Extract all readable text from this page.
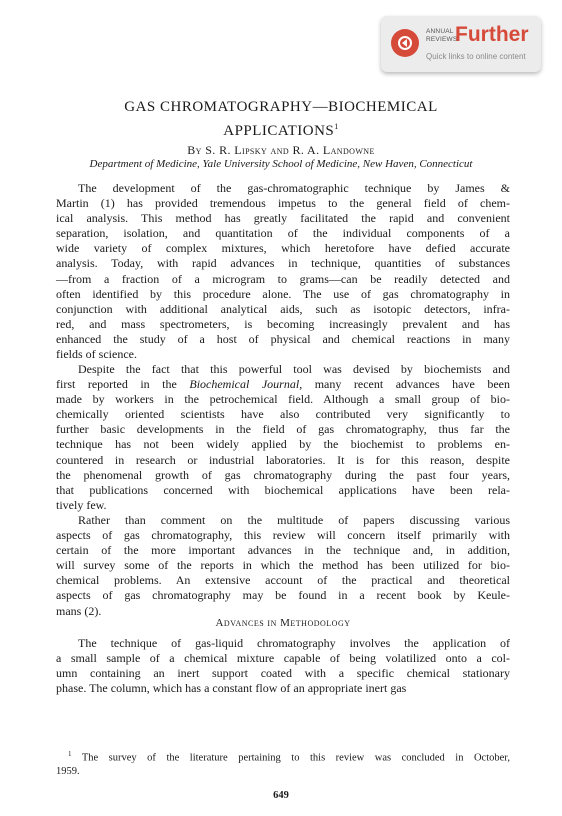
ANNUAL REVIEWS
Further
Quick links to online content
GAS CHROMATOGRAPHY—BIOCHEMICAL
APPLICATIONS$^1$
By S. R. Lipsky and R. A. Landowne
Department of Medicine, Yale University School of Medicine, New Haven, Connecticut
The development of the gas-chromatographic technique by James &
Martin (1) has provided tremendous impetus to the general field of chem-
ical analysis. This method has greatly facilitated the rapid and convenient
separation, isolation, and quantitation of the individual components of a
wide variety of complex mixtures, which heretofore have defied accurate
analysis. Today, with rapid advances in technique, quantities of substances
—from a fraction of a microgram to grams—can be readily detected and
often identified by this procedure alone. The use of gas chromatography in
conjunction with additional analytical aids, such as isotopic detectors, infra-
red, and mass spectrometers, is becoming increasingly prevalent and has
enhanced the study of a host of physical and chemical reactions in many
fields of science.
Despite the fact that this powerful tool was devised by biochemists and
first reported in the Biochemical Journal, many recent advances have been
made by workers in the petrochemical field. Although a small group of bio-
chemically oriented scientists have also contributed very significantly to
further basic developments in the field of gas chromatography, thus far the
technique has not been widely applied by the biochemist to problems en-
countered in research or industrial laboratories. It is for this reason, despite
the phenomenal growth of gas chromatography during the past four years,
that publications concerned with biochemical applications have been rela-
tively few.
Rather than comment on the multitude of papers discussing various
aspects of gas chromatography, this review will concern itself primarily with
certain of the more important advances in the technique and, in addition,
will survey some of the reports in which the method has been utilized for bio-
chemical problems. An extensive account of the practical and theoretical
aspects of gas chromatography may be found in a recent book by Keule-
mans (2).
Advances in Methodology
The technique of gas-liquid chromatography involves the application of
a small sample of a chemical mixture capable of being volatilized onto a col-
umn containing an inert support coated with a specific chemical stationary
phase. The column, which has a constant flow of an appropriate inert gas
$^1$ The survey of the literature pertaining to this review was concluded in October,
1959.
649
